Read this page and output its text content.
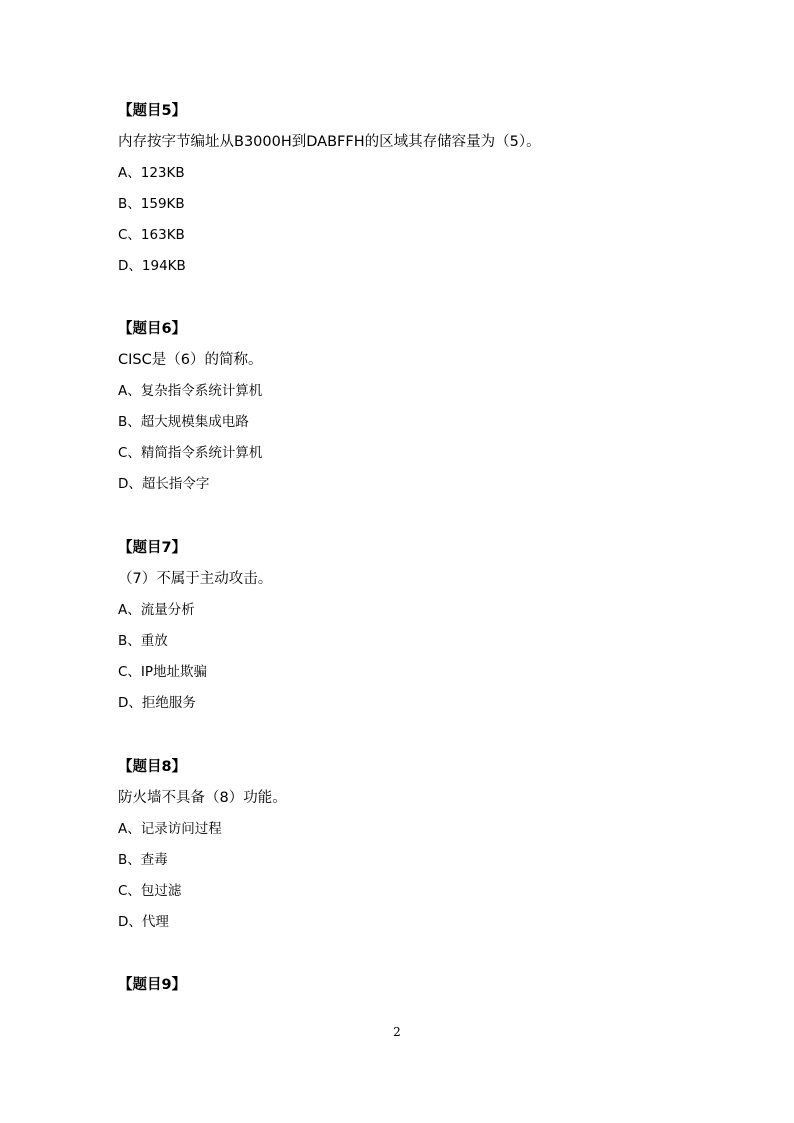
【题目5】
内存按字节编址从B3000H到DABFFH的区域其存储容量为（5）。
A、123KB
B、159KB
C、163KB
D、194KB
【题目6】
CISC是（6）的简称。
A、复杂指令系统计算机
B、超大规模集成电路
C、精简指令系统计算机
D、超长指令字
【题目7】
（7）不属于主动攻击。
A、流量分析
B、重放
C、IP地址欺骗
D、拒绝服务
【题目8】
防火墙不具备（8）功能。
A、记录访问过程
B、查毒
C、包过滤
D、代理
【题目9】
2
